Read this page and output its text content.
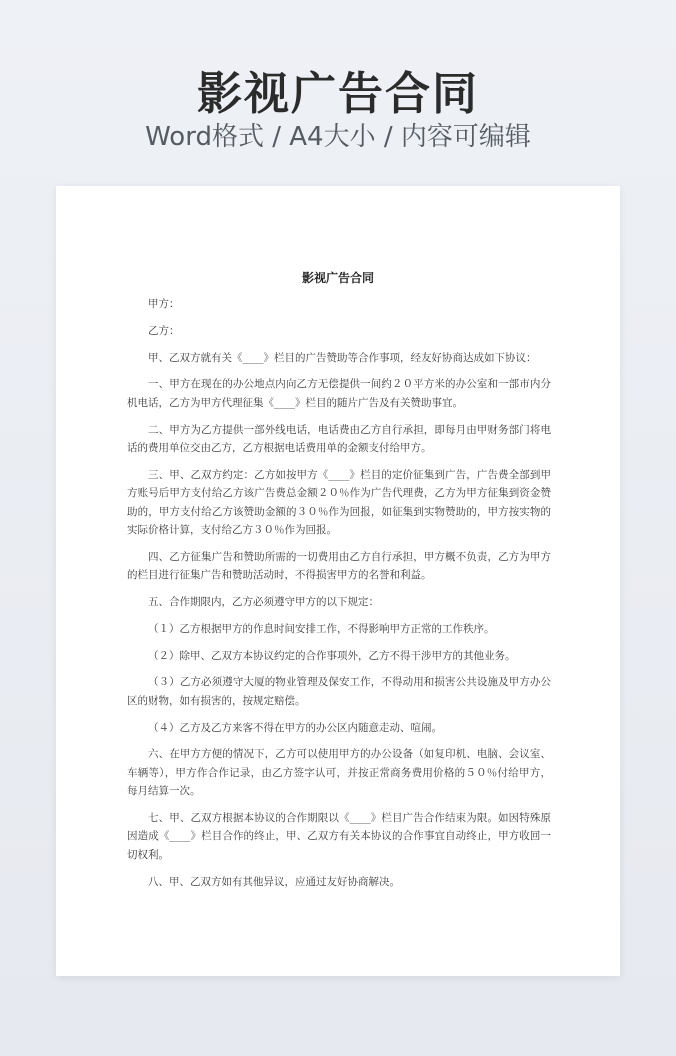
影视广告合同
Word格式 / A4大小 / 内容可编辑
影视广告合同

甲方：

乙方：

甲、乙双方就有关《____》栏目的广告赞助等合作事项，经友好协商达成如下协议：

一、甲方在现在的办公地点内向乙方无偿提供一间约２０平方米的办公室和一部市内分机电话，乙方为甲方代理征集《____》栏目的随片广告及有关赞助事宜。

二、甲方为乙方提供一部外线电话，电话费由乙方自行承担，即每月由甲财务部门将电话的费用单位交由乙方，乙方根据电话费用单的金额支付给甲方。

三、甲、乙双方约定：乙方如按甲方《____》栏目的定价征集到广告，广告费全部到甲方账号后甲方支付给乙方该广告费总金额２０％作为广告代理费，乙方为甲方征集到资金赞助的，甲方支付给乙方该赞助金额的３０％作为回报，如征集到实物赞助的，甲方按实物的实际价格计算，支付给乙方３０％作为回报。

四、乙方征集广告和赞助所需的一切费用由乙方自行承担，甲方概不负责，乙方为甲方的栏目进行征集广告和赞助活动时，不得损害甲方的名誉和利益。

五、合作期限内，乙方必须遵守甲方的以下规定：

（１）乙方根据甲方的作息时间安排工作，不得影响甲方正常的工作秩序。

（２）除甲、乙双方本协议约定的合作事项外，乙方不得干涉甲方的其他业务。

（３）乙方必须遵守大厦的物业管理及保安工作，不得动用和损害公共设施及甲方办公区的财物，如有损害的，按规定赔偿。

（４）乙方及乙方来客不得在甲方的办公区内随意走动、喧闹。

六、在甲方方便的情况下，乙方可以使用甲方的办公设备（如复印机、电脑、会议室、车辆等），甲方作合作记录，由乙方签字认可，并按正常商务费用价格的５０％付给甲方，每月结算一次。

七、甲、乙双方根据本协议的合作期限以《____》栏目广告合作结束为限。如因特殊原因造成《____》栏目合作的终止，甲、乙双方有关本协议的合作事宜自动终止，甲方收回一切权利。

八、甲、乙双方如有其他异议，应通过友好协商解决。
